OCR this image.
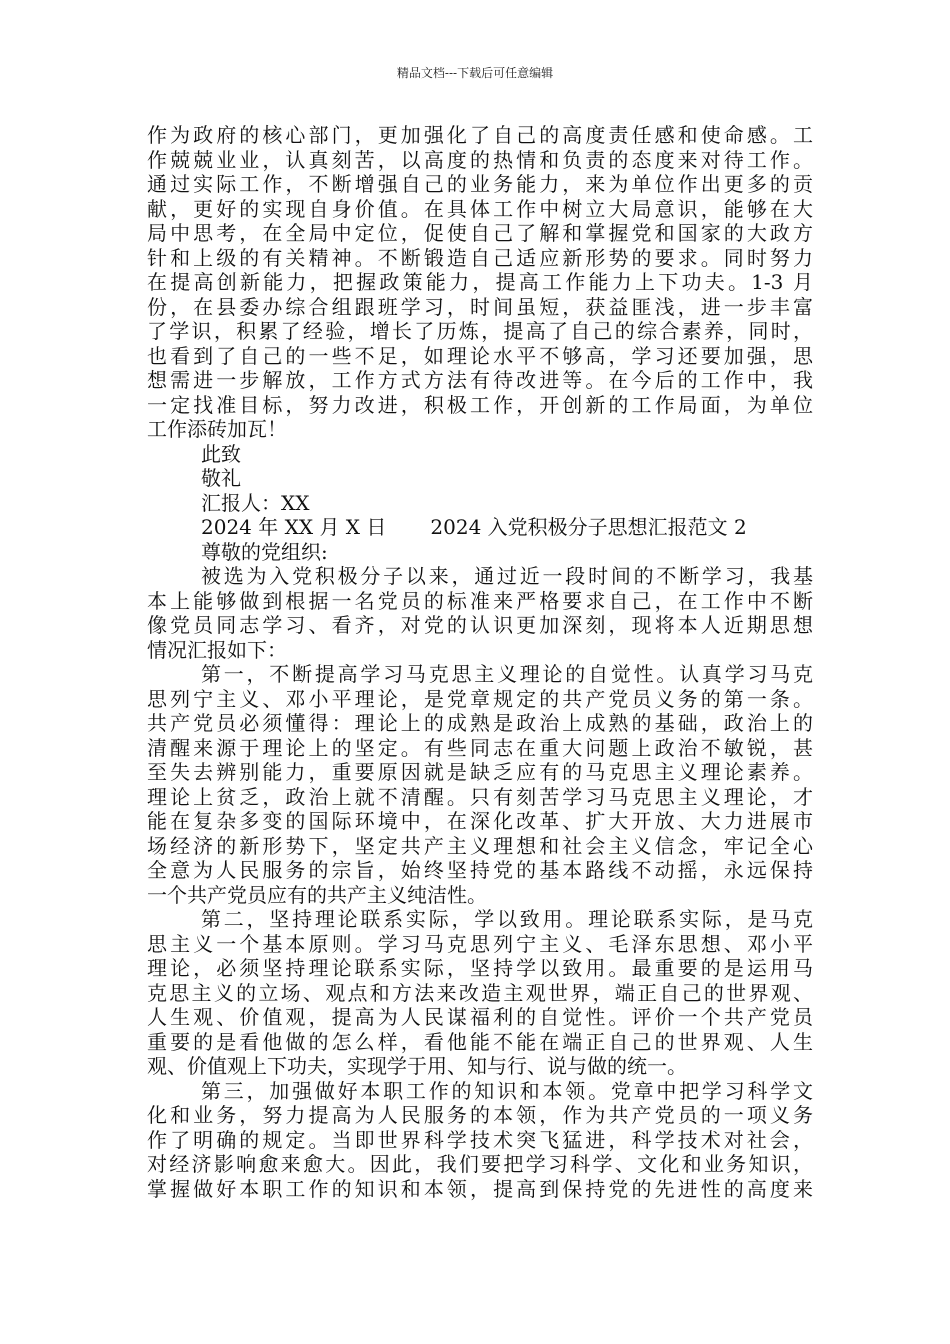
精品文档---下载后可任意编辑
作为政府的核心部门，更加强化了自己的高度责任感和使命感。工
作兢兢业业，认真刻苦，以高度的热情和负责的态度来对待工作。
通过实际工作，不断增强自己的业务能力，来为单位作出更多的贡
献，更好的实现自身价值。在具体工作中树立大局意识，能够在大
局中思考，在全局中定位，促使自己了解和掌握党和国家的大政方
针和上级的有关精神。不断锻造自己适应新形势的要求。同时努力
在提高创新能力，把握政策能力，提高工作能力上下功夫。1-3 月
份，在县委办综合组跟班学习，时间虽短，获益匪浅，进一步丰富
了学识，积累了经验，增长了历炼，提高了自己的综合素养，同时，
也看到了自己的一些不足，如理论水平不够高，学习还要加强，思
想需进一步解放，工作方式方法有待改进等。在今后的工作中，我
一定找准目标，努力改进，积极工作，开创新的工作局面，为单位
工作添砖加瓦！
此致
敬礼
汇报人：XX
2024 年 XX 月 X 日 2024 入党积极分子思想汇报范文 2
尊敬的党组织:
被选为入党积极分子以来，通过近一段时间的不断学习，我基
本上能够做到根据一名党员的标准来严格要求自己，在工作中不断
像党员同志学习、看齐，对党的认识更加深刻，现将本人近期思想
情况汇报如下：
第一，不断提高学习马克思主义理论的自觉性。认真学习马克
思列宁主义、邓小平理论，是党章规定的共产党员义务的第一条。
共产党员必须懂得：理论上的成熟是政治上成熟的基础，政治上的
清醒来源于理论上的坚定。有些同志在重大问题上政治不敏锐，甚
至失去辨别能力，重要原因就是缺乏应有的马克思主义理论素养。
理论上贫乏，政治上就不清醒。只有刻苦学习马克思主义理论，才
能在复杂多变的国际环境中，在深化改革、扩大开放、大力进展市
场经济的新形势下，坚定共产主义理想和社会主义信念，牢记全心
全意为人民服务的宗旨，始终坚持党的基本路线不动摇，永远保持
一个共产党员应有的共产主义纯洁性。
第二，坚持理论联系实际，学以致用。理论联系实际，是马克
思主义一个基本原则。学习马克思列宁主义、毛泽东思想、邓小平
理论，必须坚持理论联系实际，坚持学以致用。最重要的是运用马
克思主义的立场、观点和方法来改造主观世界，端正自己的世界观、
人生观、价值观，提高为人民谋福利的自觉性。评价一个共产党员
重要的是看他做的怎么样，看他能不能在端正自己的世界观、人生
观、价值观上下功夫，实现学于用、知与行、说与做的统一。
第三，加强做好本职工作的知识和本领。党章中把学习科学文
化和业务，努力提高为人民服务的本领，作为共产党员的一项义务
作了明确的规定。当即世界科学技术突飞猛进，科学技术对社会，
对经济影响愈来愈大。因此，我们要把学习科学、文化和业务知识，
掌握做好本职工作的知识和本领，提高到保持党的先进性的高度来
